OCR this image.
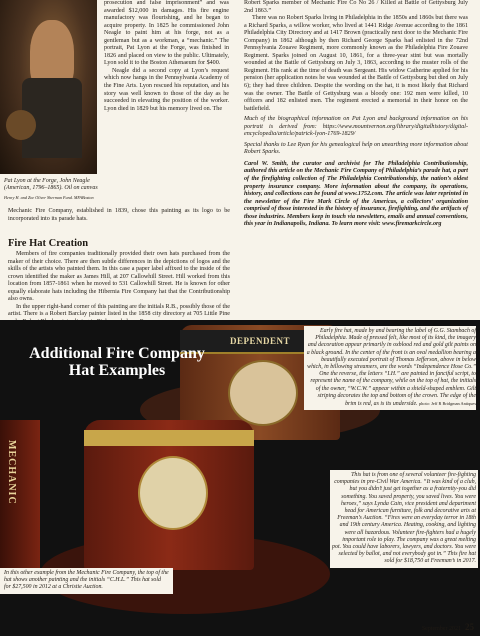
Pat Lyon at the Forge, John Neagle (American, 1796–1865). Oil on canvas

Henry H. and Zoe Oliver Sherman Fund. MFABoston

prosecution and false imprisonment” and was awarded $12,000 in damages. His fire engine manufactory was flourishing, and he began to acquire property. In 1825 he commissioned John Neagle to paint him at his forge, not as a gentleman but as a workman, a “mechanic.” The portrait, Pat Lyon at the Forge, was finished in 1826 and placed on view to the public. Ultimately, Lyon sold it to the Boston Athenaeum for $400.

Neagle did a second copy at Lyon’s request which now hangs in the Pennsylvania Academy of the Fine Arts. Lyon rescued his reputation, and his story was well known to those of the day as he succeeded in elevating the position of the worker. Lyon died in 1829 but his memory lived on. The

Mechanic Fire Company, established in 1839, chose this painting as its logo to be incorporated into its parade hats.
Fire Hat Creation

Members of fire companies traditionally provided their own hats purchased from the maker of their choice. There are then subtle differences in the depictions of logos and the skills of the artists who painted them. In this case a paper label affixed to the inside of the crown identified the maker as James Hill, at 207 Callowhill Street. Hill worked from this location from 1857-1861 when he moved to 531 Callowhill Street. He is known for other equally elaborate hats including the Hibernia Fire Company hat that the Contributionship also owns.

In the upper right-hand corner of this painting are the initials R.B., possibly those of the artist. There is a Robert Barclay painter listed in the 1858 city directory at 705 Little Pine

Robert Sparks member of Mechanic Fire Co No 26 / Killed at Battle of Gettysburg July 2nd 1863.”

There was no Robert Sparks living in Philadelphia in the 1850s and 1860s but there was a Richard Sparks, a willow worker, who lived at 1441 Ridge Avenue according to the 1861 Philadelphia City Directory and at 1417 Brown (practically next door to the Mechanic Fire Company) in 1862 although by then Richard George Sparks had enlisted in the 72nd Pennsylvania Zouave Regiment, more commonly known as the Philadelphia Fire Zouave Regiment. Sparks joined on August 10, 1861, for a three-year stint but was mortally wounded at the Battle of Gettysburg on July 3, 1863, according to the muster rolls of the Regiment. His rank at the time of death was Sergeant. His widow Catherine applied for his pension (her application notes he was wounded at the Battle of Gettysburg but died on July 6); they had three children. Despite the wording on the hat, it is most likely that Richard was the owner. The Battle of Gettysburg was a bloody one: 192 men were killed, 10 officers and 182 enlisted men. The regiment erected a memorial in their honor on the battlefield.

Much of the biographical information on Pat Lyon and background information on his portrait is derived from: https://www.mountvernon.org/library/digitalhistory/digital-encyclopedia/article/patrick-lyon-1769-1829/

Special thanks to Lee Ryan for his genealogical help on unearthing more information about Robert Sparks.

Carol W. Smith, the curator and archivist for The Philadelphia Contributionship, authored this article on the Mechanic Fire Company of Philadelphia’s parade hat, a part of the firefighting collection of The Philadelphia Contributionship, the nation’s oldest property insurance company. More information about the company, its operations, history, and collections can be found at www.1752.com. The article was later reprinted in the newsletter of the Fire Mark Circle of the Americas, a collectors’ organization comprised of those interested in the history of insurance, firefighting, and the artifacts of those industries. Members keep in touch via newsletters, emails and annual conventions, this year in Indianapolis, Indiana. To learn more visit: www.firemarkcircle.org

DEPENDENT
MECHANIC
Additional Fire Company Hat Examples
Early fire hat, made by and bearing the label of G.G. Stambach of Philadelphia. Made of pressed felt, like most of its kind, the imagery and decoration appear primarily in oxblood red and gold gilt paints on a black ground. In the center of the front is an oval medallion bearing a beautifully executed portrait of Thomas Jefferson, above in below which, in billowing streamers, are the words “Independence Hose Co.” One the reverse, the letters “I.H.” are painted in fanciful script, to represent the name of the company, while on the top of hat, the initials of the owner, “W.C.W.” appear within a shield-shaped emblem. Gilt striping decorates the top and bottom of the crown. The edge of the brim is red, as is its underside. photo: Jeff R Bridgman Antiques
This hat is from one of several volunteer fire-fighting companies in pre-Civil War America. “It was kind of a club, but you didn’t just get together as a fraternity-you did something. You saved property, you saved lives. You were heroes,” says Lynda Cain, vice president and department head for American furniture, folk and decorative arts at Freeman’s Auction. “Fires were an everyday terror in 18th and 19th century America. Heating, cooking, and lighting were all hazardous. Volunteer fire-fighters had a hugely important role to play. The company was a great melting pot. You could have laborers, lawyers, and doctors. You were selected by ballot, and not everybody got in.” This fire hat sold for $18,750 at Freeman’s in 2017.
In this other example from the Mechanic Fire Company, the top of the hat shows another painting and the initials “C.H.L.” This hat sold for $27,500 in 2012 at a Christie Auction.
September 2021 25
